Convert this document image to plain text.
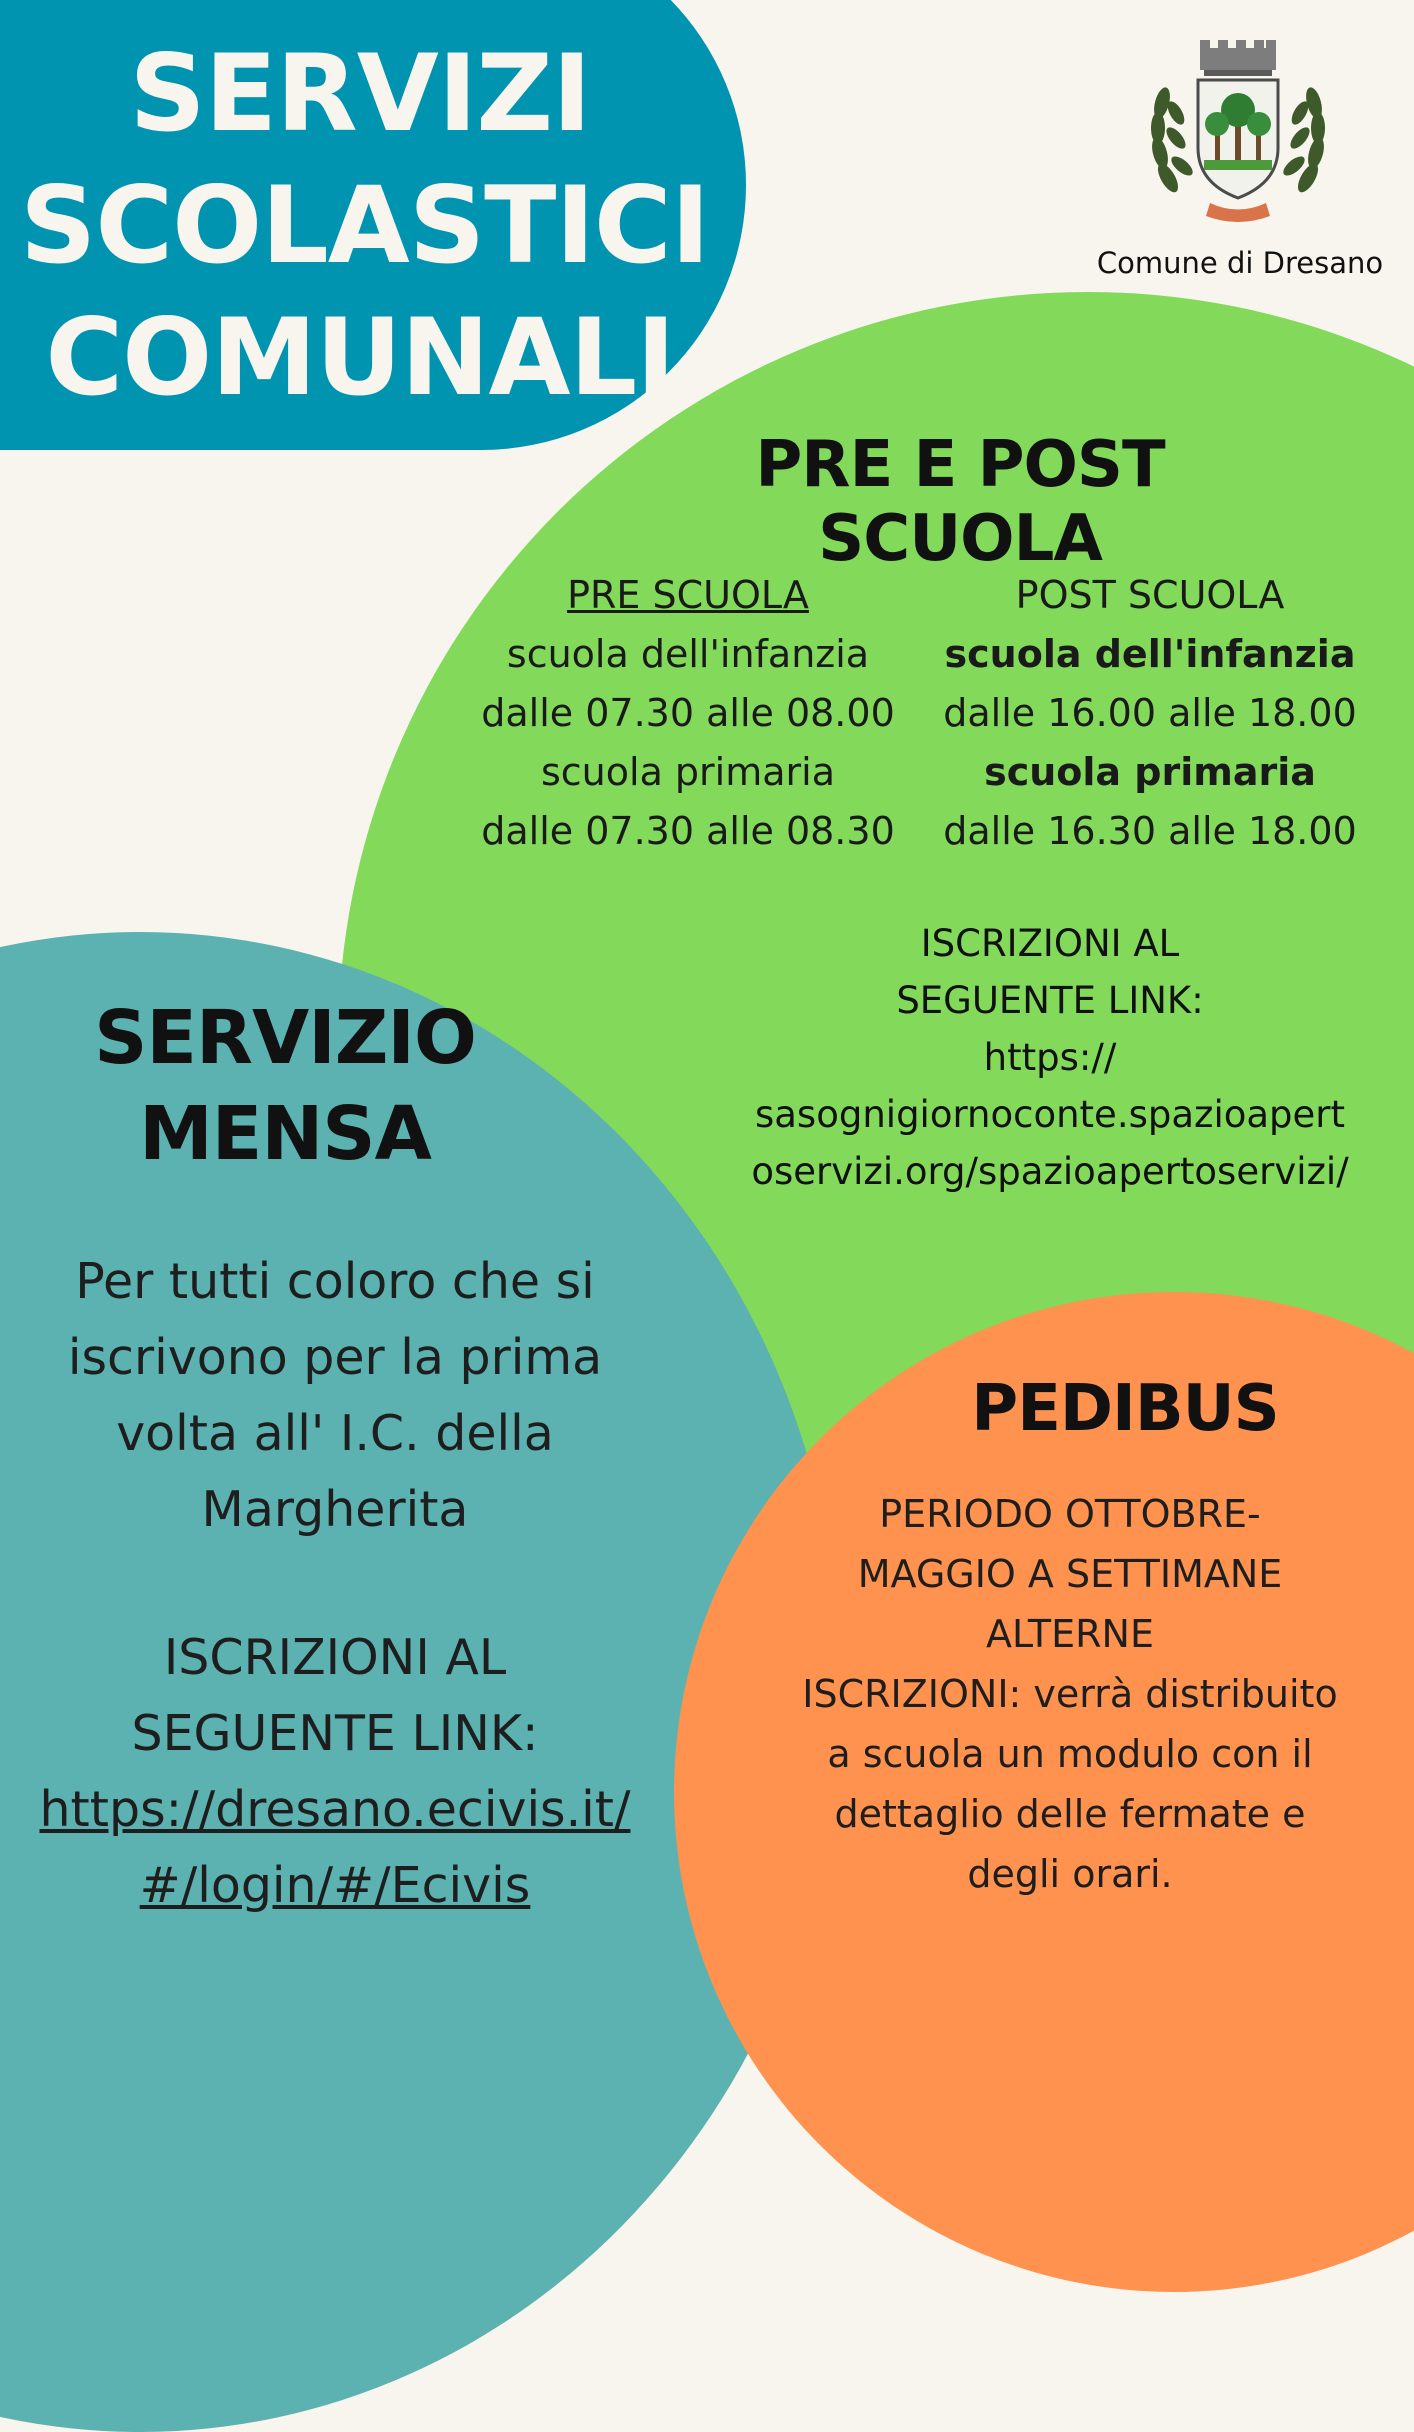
SERVIZI
SCOLASTICI
COMUNALI
Comune di Dresano
PRE E POST SCUOLA
PRE SCUOLA
scuola dell'infanzia
dalle 07.30 alle 08.00
scuola primaria
dalle 07.30 alle 08.30
POST SCUOLA
scuola dell'infanzia
dalle 16.00 alle 18.00
scuola primaria
dalle 16.30 alle 18.00
ISCRIZIONI AL
SEGUENTE LINK:
https://
sasognigiornoconte.spazioapert
oservizi.org/spazioapertoservizi/
SERVIZIO
MENSA
Per tutti coloro che si
iscrivono per la prima
volta all' I.C. della
Margherita
ISCRIZIONI AL
SEGUENTE LINK:
https://dresano.ecivis.it/
#/login/#/Ecivis
PEDIBUS
PERIODO OTTOBRE-
MAGGIO A SETTIMANE
ALTERNE
ISCRIZIONI: verrà distribuito
a scuola un modulo con il
dettaglio delle fermate e
degli orari.
